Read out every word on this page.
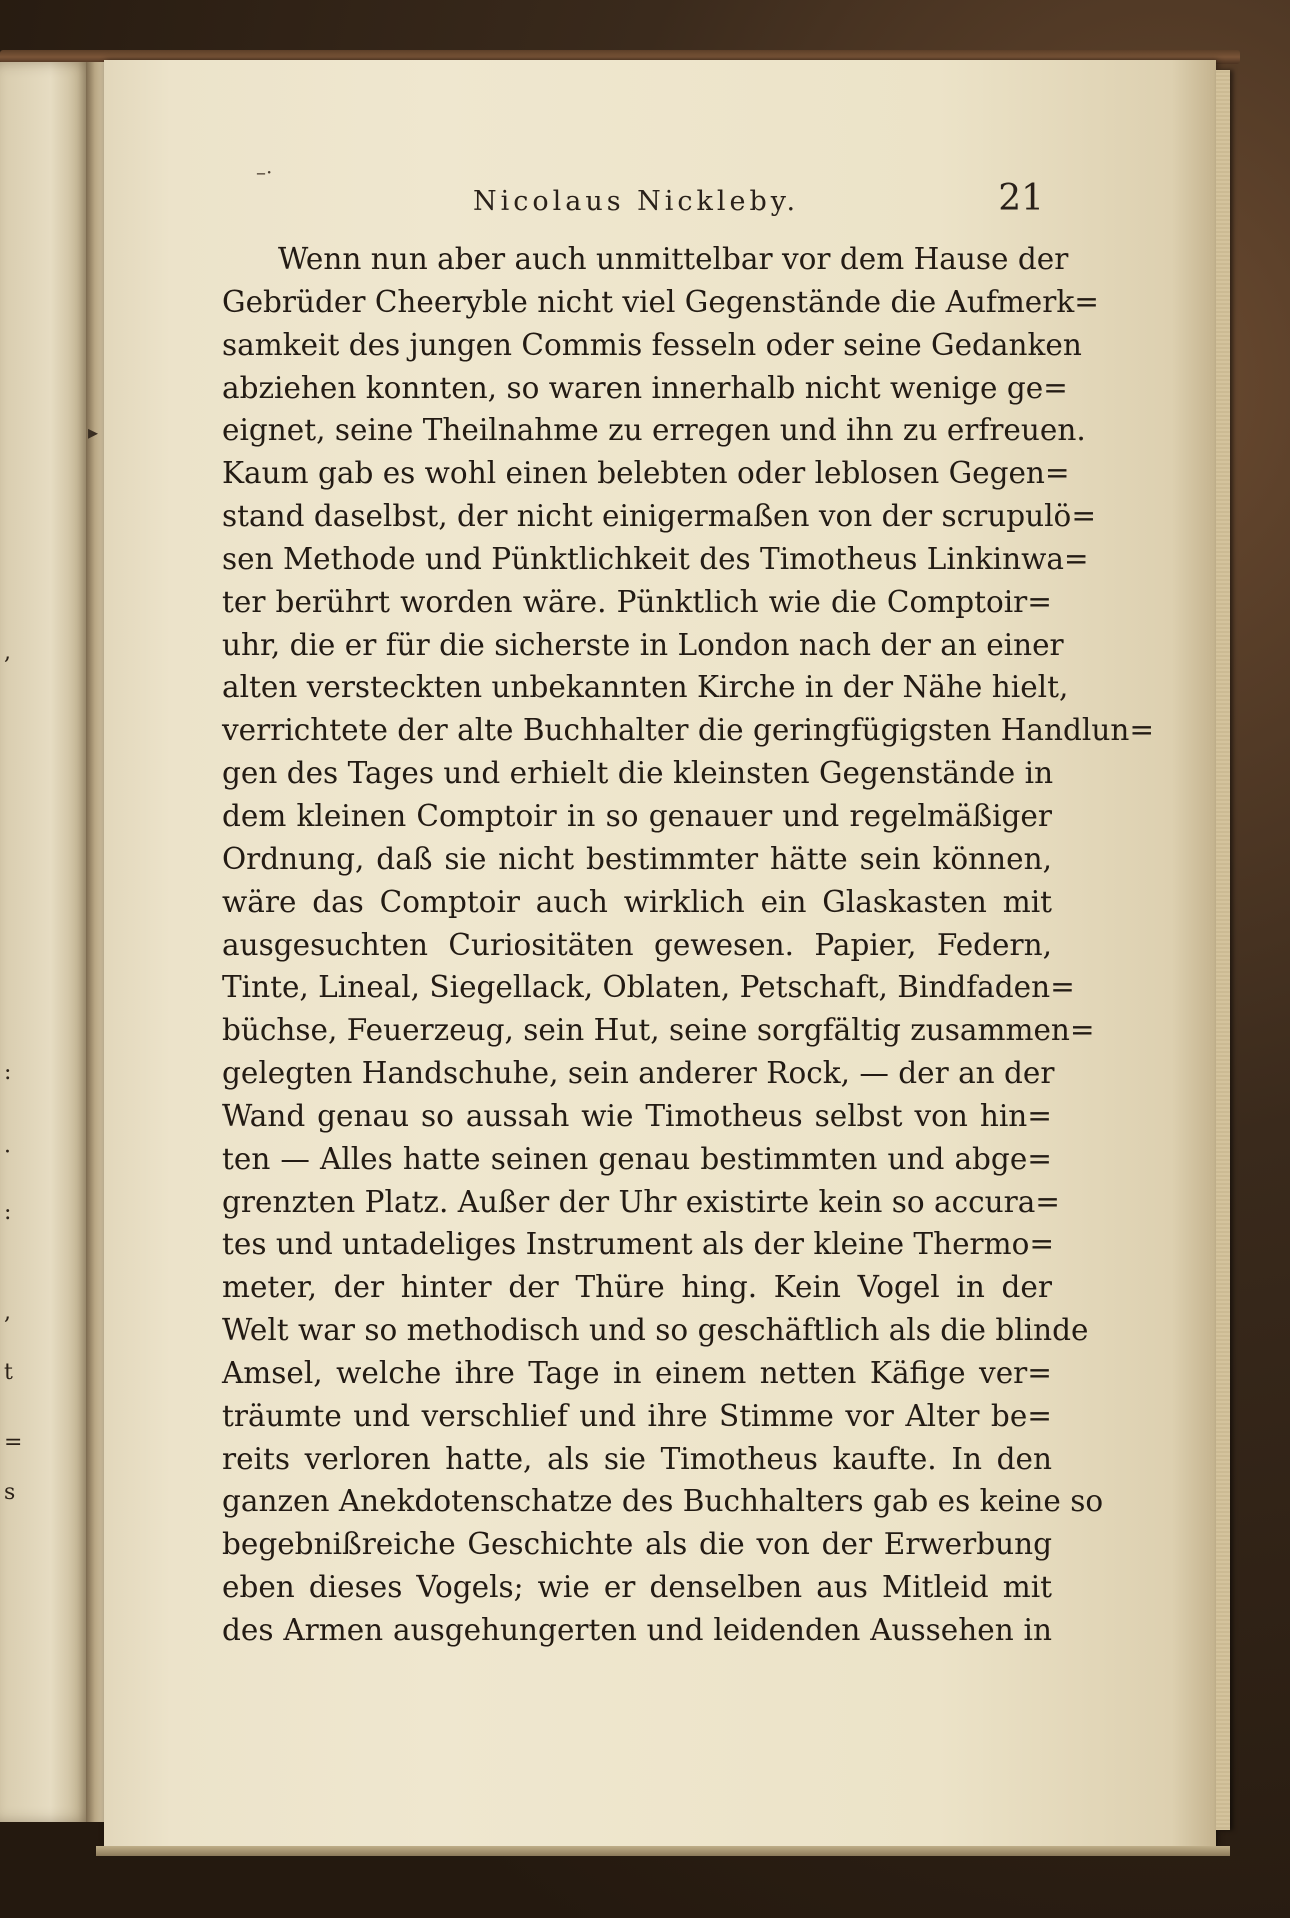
,
:
·
:
,
t
=
s
–·
▸
Nicolaus Nickleby.	21
Wenn nun aber auch unmittelbar vor dem Hause der
Gebrüder Cheeryble nicht viel Gegenstände die Aufmerk=
samkeit des jungen Commis fesseln oder seine Gedanken
abziehen konnten, so waren innerhalb nicht wenige ge=
eignet, seine Theilnahme zu erregen und ihn zu erfreuen.
Kaum gab es wohl einen belebten oder leblosen Gegen=
stand daselbst, der nicht einigermaßen von der scrupulö=
sen Methode und Pünktlichkeit des Timotheus Linkinwa=
ter berührt worden wäre. Pünktlich wie die Comptoir=
uhr, die er für die sicherste in London nach der an einer
alten versteckten unbekannten Kirche in der Nähe hielt,
verrichtete der alte Buchhalter die geringfügigsten Handlun=
gen des Tages und erhielt die kleinsten Gegenstände in
dem kleinen Comptoir in so genauer und regelmäßiger
Ordnung, daß sie nicht bestimmter hätte sein können,
wäre das Comptoir auch wirklich ein Glaskasten mit
ausgesuchten Curiositäten gewesen. Papier, Federn,
Tinte, Lineal, Siegellack, Oblaten, Petschaft, Bindfaden=
büchse, Feuerzeug, sein Hut, seine sorgfältig zusammen=
gelegten Handschuhe, sein anderer Rock, — der an der
Wand genau so aussah wie Timotheus selbst von hin=
ten — Alles hatte seinen genau bestimmten und abge=
grenzten Platz. Außer der Uhr existirte kein so accura=
tes und untadeliges Instrument als der kleine Thermo=
meter, der hinter der Thüre hing. Kein Vogel in der
Welt war so methodisch und so geschäftlich als die blinde
Amsel, welche ihre Tage in einem netten Käfige ver=
träumte und verschlief und ihre Stimme vor Alter be=
reits verloren hatte, als sie Timotheus kaufte. In den
ganzen Anekdotenschatze des Buchhalters gab es keine so
begebnißreiche Geschichte als die von der Erwerbung
eben dieses Vogels; wie er denselben aus Mitleid mit
des Armen ausgehungerten und leidenden Aussehen in
